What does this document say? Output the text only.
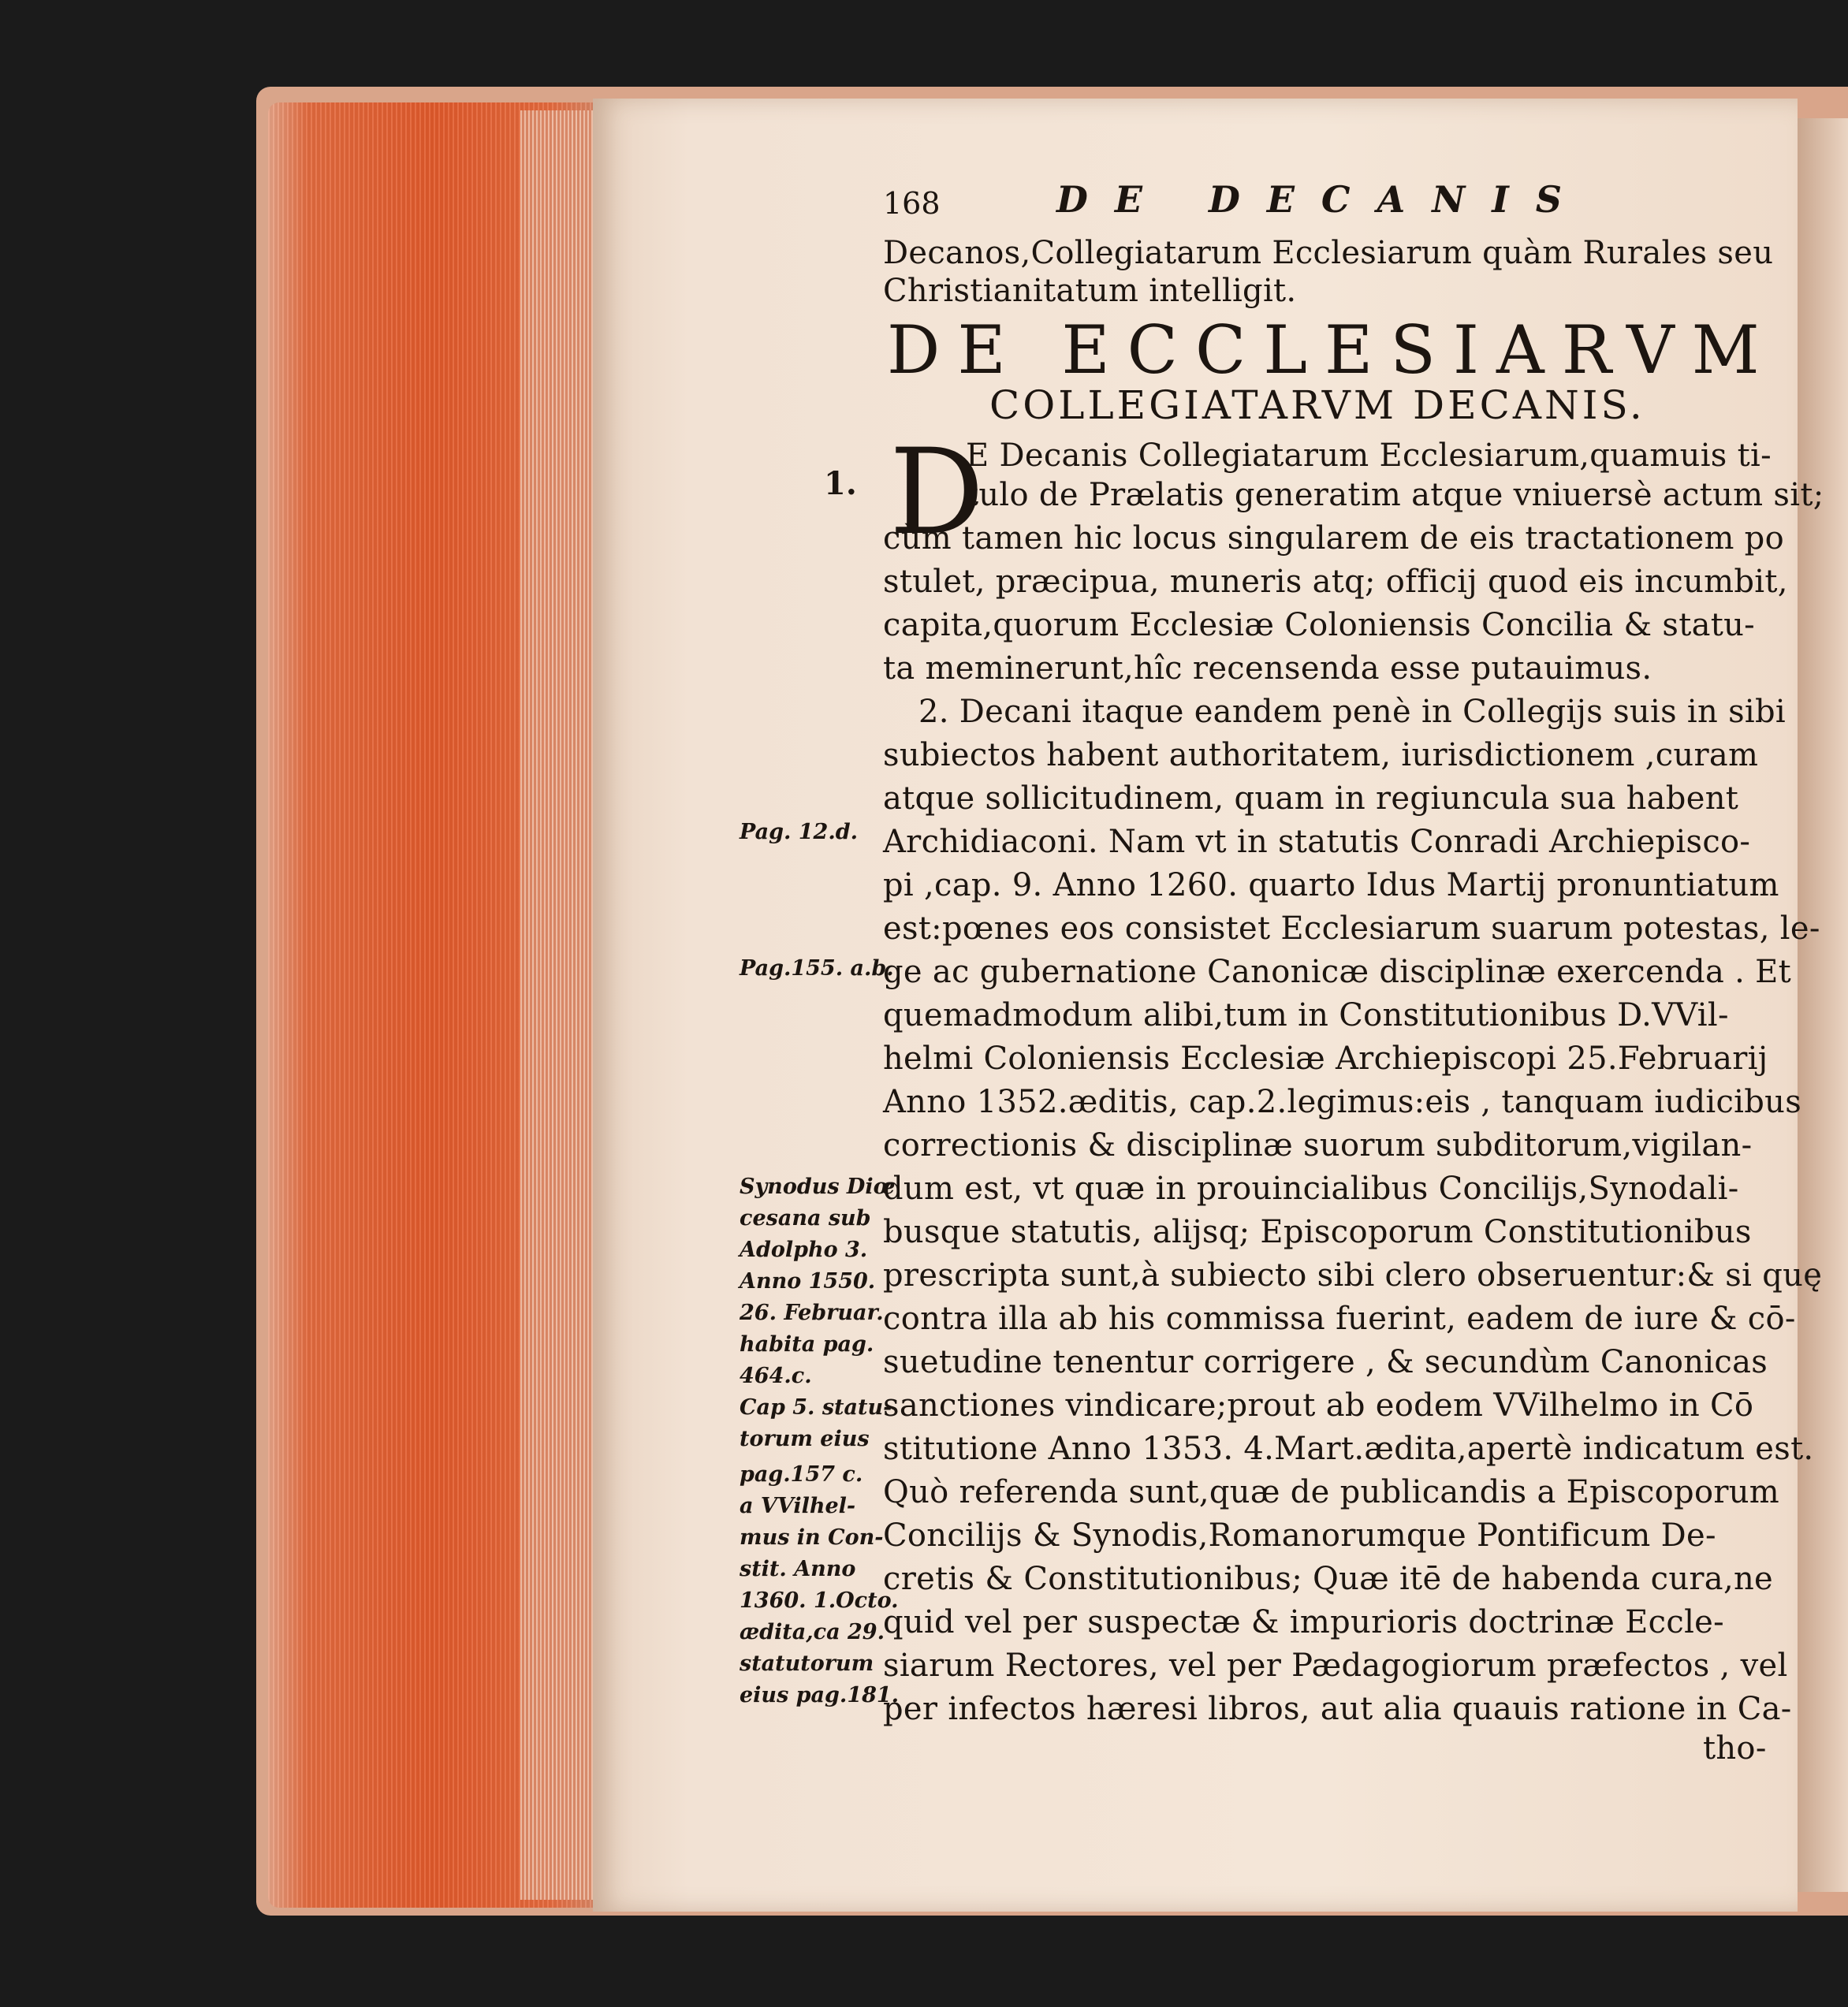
168	DE DECANIS
Decanos,Collegiatarum Ecclesiarum quàm Rurales seu
Christianitatum intelligit.
DE ECCLESIARVM
COLLEGIATARVM DECANIS.
1. D
E Decanis Collegiatarum Ecclesiarum,quamuis ti-
tulo de Prælatis generatim atque vniuersè actum sit;
cùm tamen hic locus singularem de eis tractationem po
stulet, præcipua, muneris atq; officij quod eis incumbit,
capita,quorum Ecclesiæ Coloniensis Concilia & statu-
ta meminerunt,hîc recensenda esse putauimus.
2. Decani itaque eandem penè in Collegijs suis in sibi
subiectos habent authoritatem, iurisdictionem ,curam
atque sollicitudinem, quam in regiuncula sua habent
Archidiaconi. Nam vt in statutis Conradi Archiepisco-
pi ,cap. 9. Anno 1260. quarto Idus Martij pronuntiatum
est:pœnes eos consistet Ecclesiarum suarum potestas, le-
ge ac gubernatione Canonicæ disciplinæ exercenda . Et
quemadmodum alibi,tum in Constitutionibus D.VVil-
helmi Coloniensis Ecclesiæ Archiepiscopi 25.Februarij
Anno 1352.æditis, cap.2.legimus:eis , tanquam iudicibus
correctionis & disciplinæ suorum subditorum,vigilan-
dum est, vt quæ in prouincialibus Concilijs,Synodali-
busque statutis, alijsq; Episcoporum Constitutionibus
prescripta sunt,à subiecto sibi clero obseruentur:& si quę
contra illa ab his commissa fuerint, eadem de iure & cō-
suetudine tenentur corrigere , & secundùm Canonicas
sanctiones vindicare;prout ab eodem VVilhelmo in Cō
stitutione Anno 1353. 4.Mart.ædita,apertè indicatum est.
Quò referenda sunt,quæ de publicandis a Episcoporum
Concilijs & Synodis,Romanorumque Pontificum De-
cretis & Constitutionibus; Quæ itē de habenda cura,ne
quid vel per suspectæ & impurioris doctrinæ Eccle-
siarum Rectores, vel per Pædagogiorum præfectos , vel
per infectos hæresi libros, aut alia quauis ratione in Ca-
tho-
Pag. 12.d.
Pag.155. a.b.
Synodus Diœ
cesana sub
Adolpho 3.
Anno 1550.
26. Februar.
habita pag.
464.c.
Cap 5. statu-
torum eius
pag.157 c.
a VVilhel-
mus in Con-
stit. Anno
1360. 1.Octo.
ædita,ca 29.
statutorum
eius pag.181.
